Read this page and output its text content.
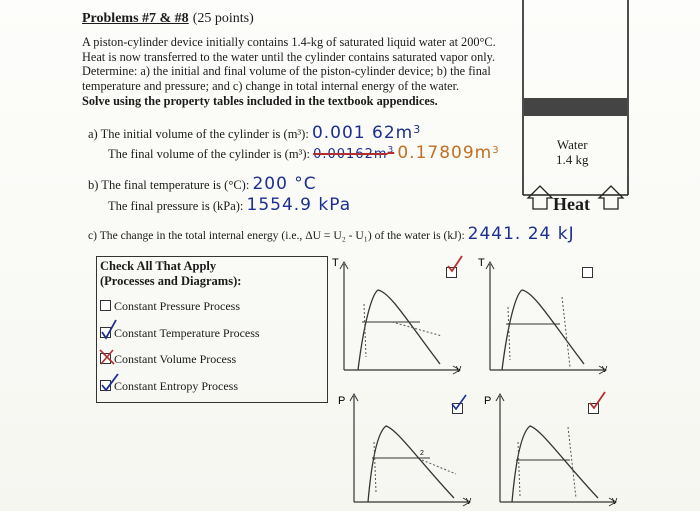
Problems #7 & #8 (25 points)
A piston-cylinder device initially contains 1.4-kg of saturated liquid water at 200°C. Heat is now transferred to the water until the cylinder contains saturated vapor only. Determine: a) the initial and final volume of the piston-cylinder device; b) the final temperature and pressure; and c) change in total internal energy of the water.
Solve using the property tables included in the textbook appendices.
a) The initial volume of the cylinder is (m³): 0.001 $62m^3$
The final volume of the cylinder is (m³): $0.00162m^3$ $0.17809m^3$
b) The final temperature is (°C): 200 °C
The final pressure is (kPa): 1554.9 kPa
c) The change in the total internal energy (i.e., ΔU = U₂ - U₁) of the water is (kJ): 2441. 24 kJ
Water
1.4 kg
Heat
Check All That Apply
(Processes and Diagrams):
Constant Pressure Process
Constant Temperature Process
Constant Volume Process
Constant Entropy Process
T
V
T
V
P
V
2
P
V
